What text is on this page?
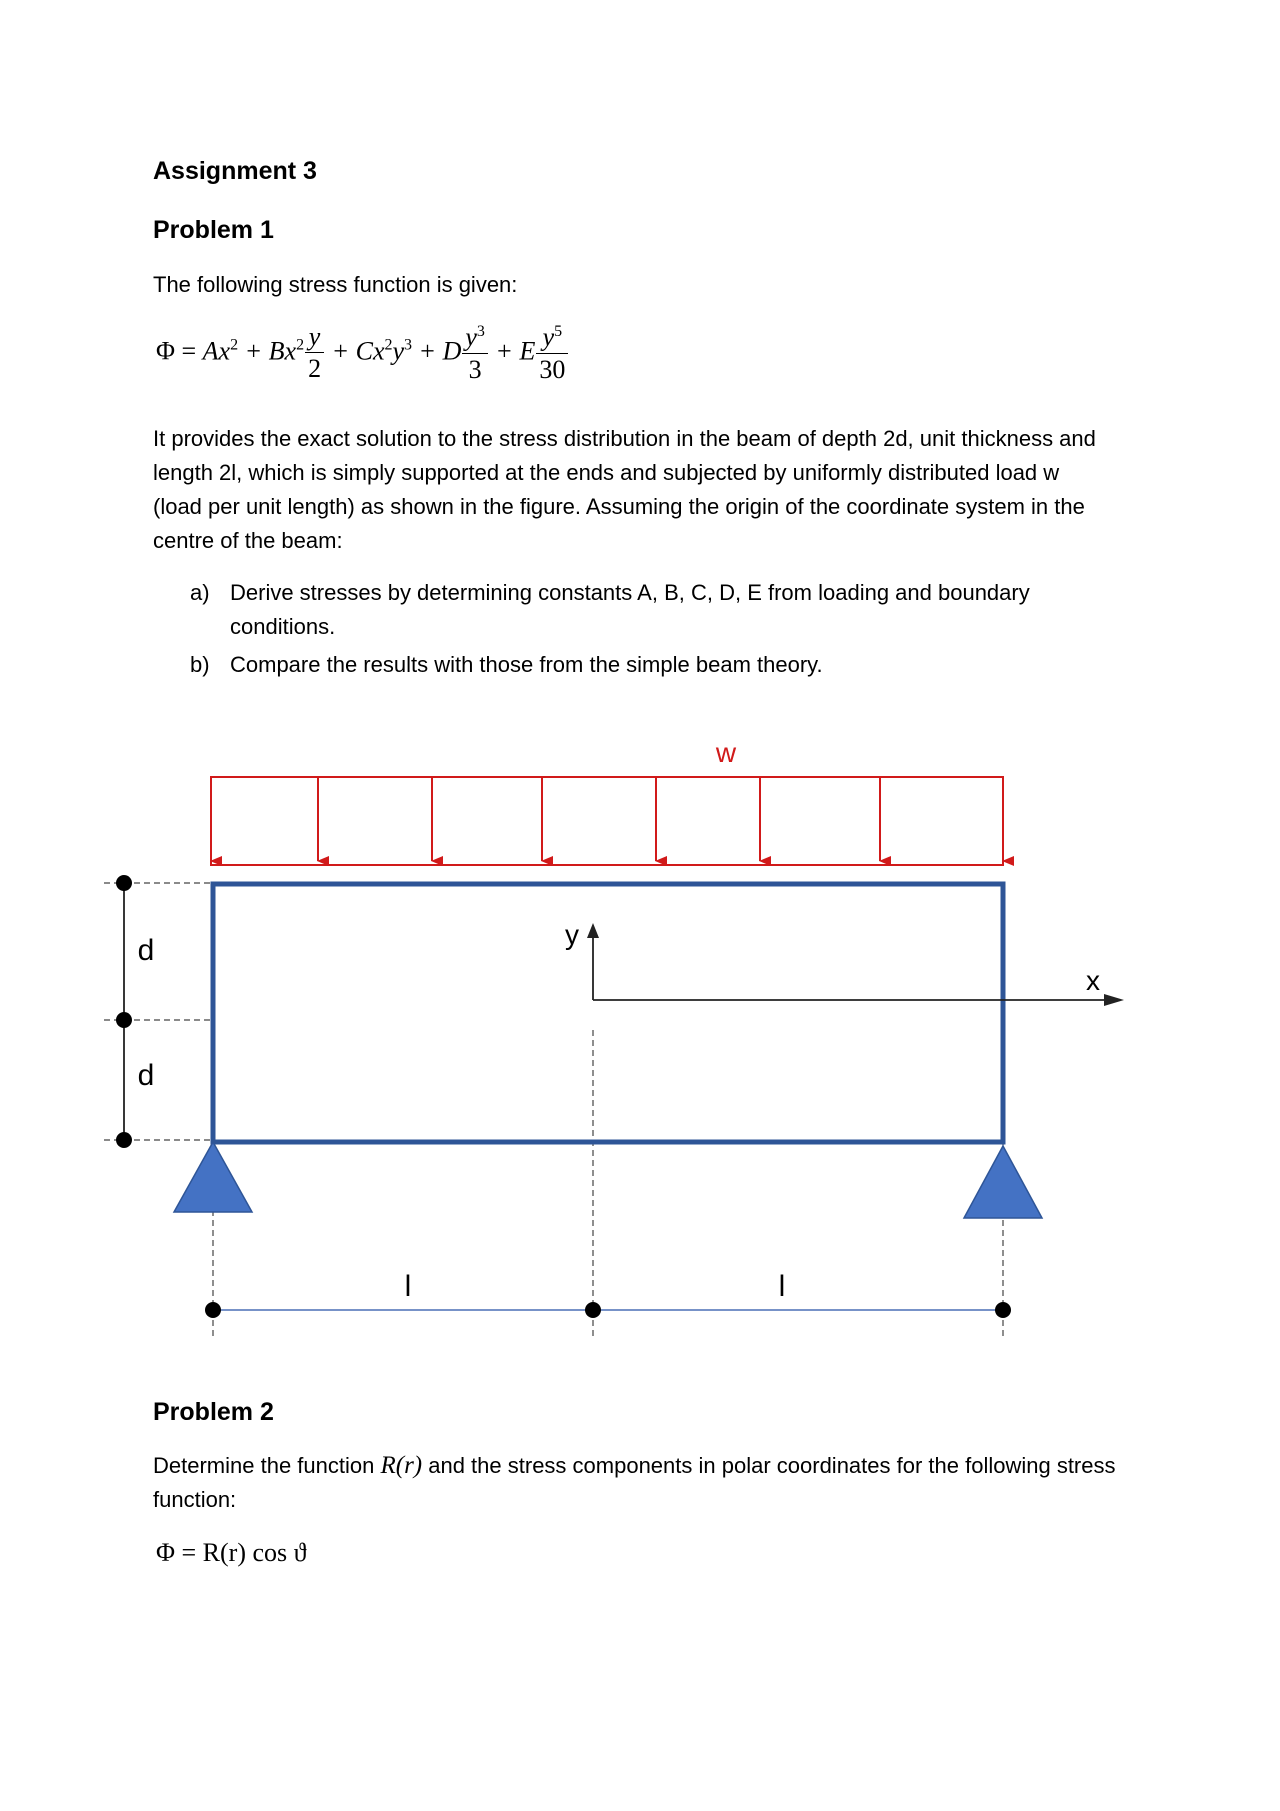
Assignment 3
Problem 1
The following stress function is given:
$\Phi = Ax^2 + Bx^2 \frac{y}{2} + Cx^2y^3 + D \frac{y^3}{3} + E \frac{y^5}{30}$
It provides the exact solution to the stress distribution in the beam of depth 2d, unit thickness and length 2l, which is simply supported at the ends and subjected by uniformly distributed load w (load per unit length) as shown in the figure. Assuming the origin of the coordinate system in the centre of the beam:
a) Derive stresses by determining constants A, B, C, D, E from loading and boundary conditions.
b) Compare the results with those from the simple beam theory.
w
d
d
y
x
l	l
Problem 2
Determine the function R(r) and the stress components in polar coordinates for the following stress function:
Φ = R(r) cos ϑ
